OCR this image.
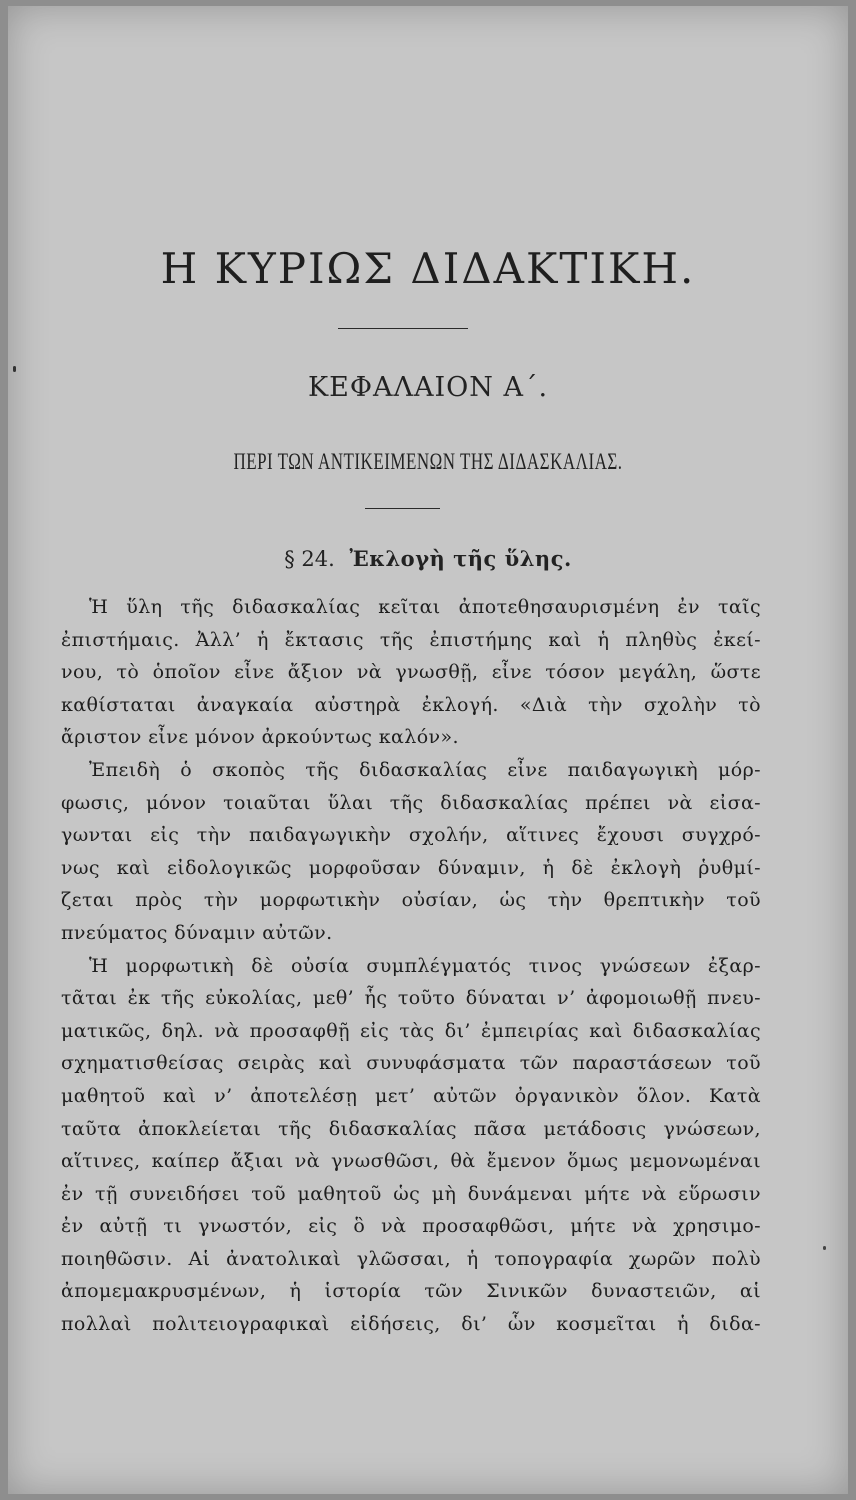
Η ΚΥΡΙΩΣ ΔΙΔΑΚΤΙΚΗ.
ΚΕΦΑΛΑΙΟΝ Α΄.
ΠΕΡΙ ΤΩΝ ΑΝΤΙΚΕΙΜΕΝΩΝ ΤΗΣ ΔΙΔΑΣΚΑΛΙΑΣ.
§ 24. Ἐκλογὴ τῆς ὕλης.
Ἡ ὕλη τῆς διδασκαλίας κεῖται ἀποτεθησαυρισμένη ἐν ταῖς
ἐπιστήμαις. Ἀλλ’ ἡ ἔκτασις τῆς ἐπιστήμης καὶ ἡ πληθὺς ἐκεί-
νου, τὸ ὁποῖον εἶνε ἄξιον νὰ γνωσθῇ, εἶνε τόσον μεγάλη, ὥστε
καθίσταται ἀναγκαία αὐστηρὰ ἐκλογή. «Διὰ τὴν σχολὴν τὸ
ἄριστον εἶνε μόνον ἀρκούντως καλόν».
Ἐπειδὴ ὁ σκοπὸς τῆς διδασκαλίας εἶνε παιδαγωγικὴ μόρ-
φωσις, μόνον τοιαῦται ὕλαι τῆς διδασκαλίας πρέπει νὰ εἰσα-
γωνται εἰς τὴν παιδαγωγικὴν σχολήν, αἵτινες ἔχουσι συγχρό-
νως καὶ εἰδολογικῶς μορφοῦσαν δύναμιν, ἡ δὲ ἐκλογὴ ῥυθμί-
ζεται πρὸς τὴν μορφωτικὴν οὐσίαν, ὡς τὴν θρεπτικὴν τοῦ
πνεύματος δύναμιν αὐτῶν.
Ἡ μορφωτικὴ δὲ οὐσία συμπλέγματός τινος γνώσεων ἐξαρ-
τᾶται ἐκ τῆς εὐκολίας, μεθ’ ἧς τοῦτο δύναται ν’ ἀφομοιωθῇ πνευ-
ματικῶς, δηλ. νὰ προσαφθῇ εἰς τὰς δι’ ἐμπειρίας καὶ διδασκαλίας
σχηματισθείσας σειρὰς καὶ συνυφάσματα τῶν παραστάσεων τοῦ
μαθητοῦ καὶ ν’ ἀποτελέσῃ μετ’ αὐτῶν ὀργανικὸν ὅλον. Κατὰ
ταῦτα ἀποκλείεται τῆς διδασκαλίας πᾶσα μετάδοσις γνώσεων,
αἵτινες, καίπερ ἄξιαι νὰ γνωσθῶσι, θὰ ἔμενον ὅμως μεμονωμέναι
ἐν τῇ συνειδήσει τοῦ μαθητοῦ ὡς μὴ δυνάμεναι μήτε νὰ εὕρωσιν
ἐν αὐτῇ τι γνωστόν, εἰς ὃ νὰ προσαφθῶσι, μήτε νὰ χρησιμο-
ποιηθῶσιν. Αἱ ἀνατολικαὶ γλῶσσαι, ἡ τοπογραφία χωρῶν πολὺ
ἀπομεμακρυσμένων, ἡ ἱστορία τῶν Σινικῶν δυναστειῶν, αἱ
πολλαὶ πολιτειογραφικαὶ εἰδήσεις, δι’ ὧν κοσμεῖται ἡ διδα-
